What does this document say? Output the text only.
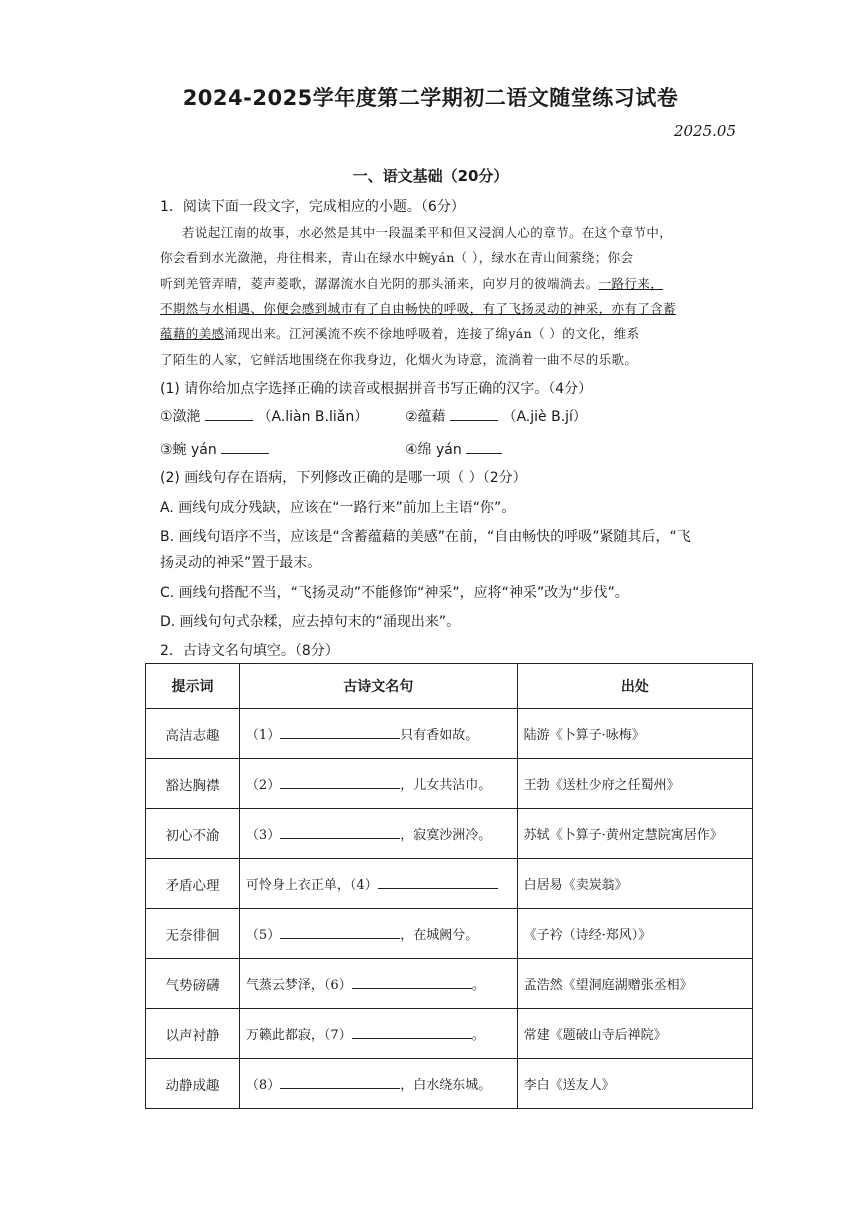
2024-2025学年度第二学期初二语文随堂练习试卷
2025.05
一、语文基础（20分）
1．阅读下面一段文字，完成相应的小题。（6分）
若说起江南的故事，水必然是其中一段温柔平和但又浸润人心的章节。在这个章节中，
你会看到水光潋滟，舟往楫来，青山在绿水中蜿yán（ ），绿水在青山间萦绕；你会
听到羌管弄晴，菱声菱歌，潺潺流水自光阴的那头涌来，向岁月的彼端淌去。一路行来，
不期然与水相遇、你便会感到城市有了自由畅快的呼吸，有了飞扬灵动的神采，亦有了含蓄
蕴藉的美感涌现出来。江河溪流不疾不徐地呼吸着，连接了绵yán（ ）的文化，维系
了陌生的人家，它鲜活地围绕在你我身边，化烟火为诗意，流淌着一曲不尽的乐歌。
(1) 请你给加点字选择正确的读音或根据拼音书写正确的汉字。（4分）
①潋滟	（A.liàn B.liǎn）	②蕴藉	（A.jiè B.jí）
③蜿 yán	④绵 yán
(2) 画线句存在语病，下列修改正确的是哪一项（ ）（2分）
A. 画线句成分残缺，应该在“一路行来”前加上主语“你”。
B. 画线句语序不当，应该是“含蓄蕴藉的美感”在前，“自由畅快的呼吸”紧随其后，“飞
扬灵动的神采”置于最末。
C. 画线句搭配不当，“飞扬灵动”不能修饰“神采”，应将“神采”改为“步伐”。
D. 画线句句式杂糅，应去掉句末的“涌现出来”。
2．古诗文名句填空。（8分）
提示词	古诗文名句	出处
高洁志趣	（1） 只有香如故。	陆游《卜算子·咏梅》
豁达胸襟	（2） ，儿女共沾巾。	王勃《送杜少府之任蜀州》
初心不渝	（3） ，寂寞沙洲冷。	苏轼《卜算子·黄州定慧院寓居作》
矛盾心理	可怜身上衣正单，（4）	白居易《卖炭翁》
无奈徘徊	（5） ，在城阙兮。	《子衿（诗经·郑风）》
气势磅礴	气蒸云梦泽，（6） 。	孟浩然《望洞庭湖赠张丞相》
以声衬静	万籁此都寂，（7） 。	常建《题破山寺后禅院》
动静成趣	（8） ，白水绕东城。	李白《送友人》
